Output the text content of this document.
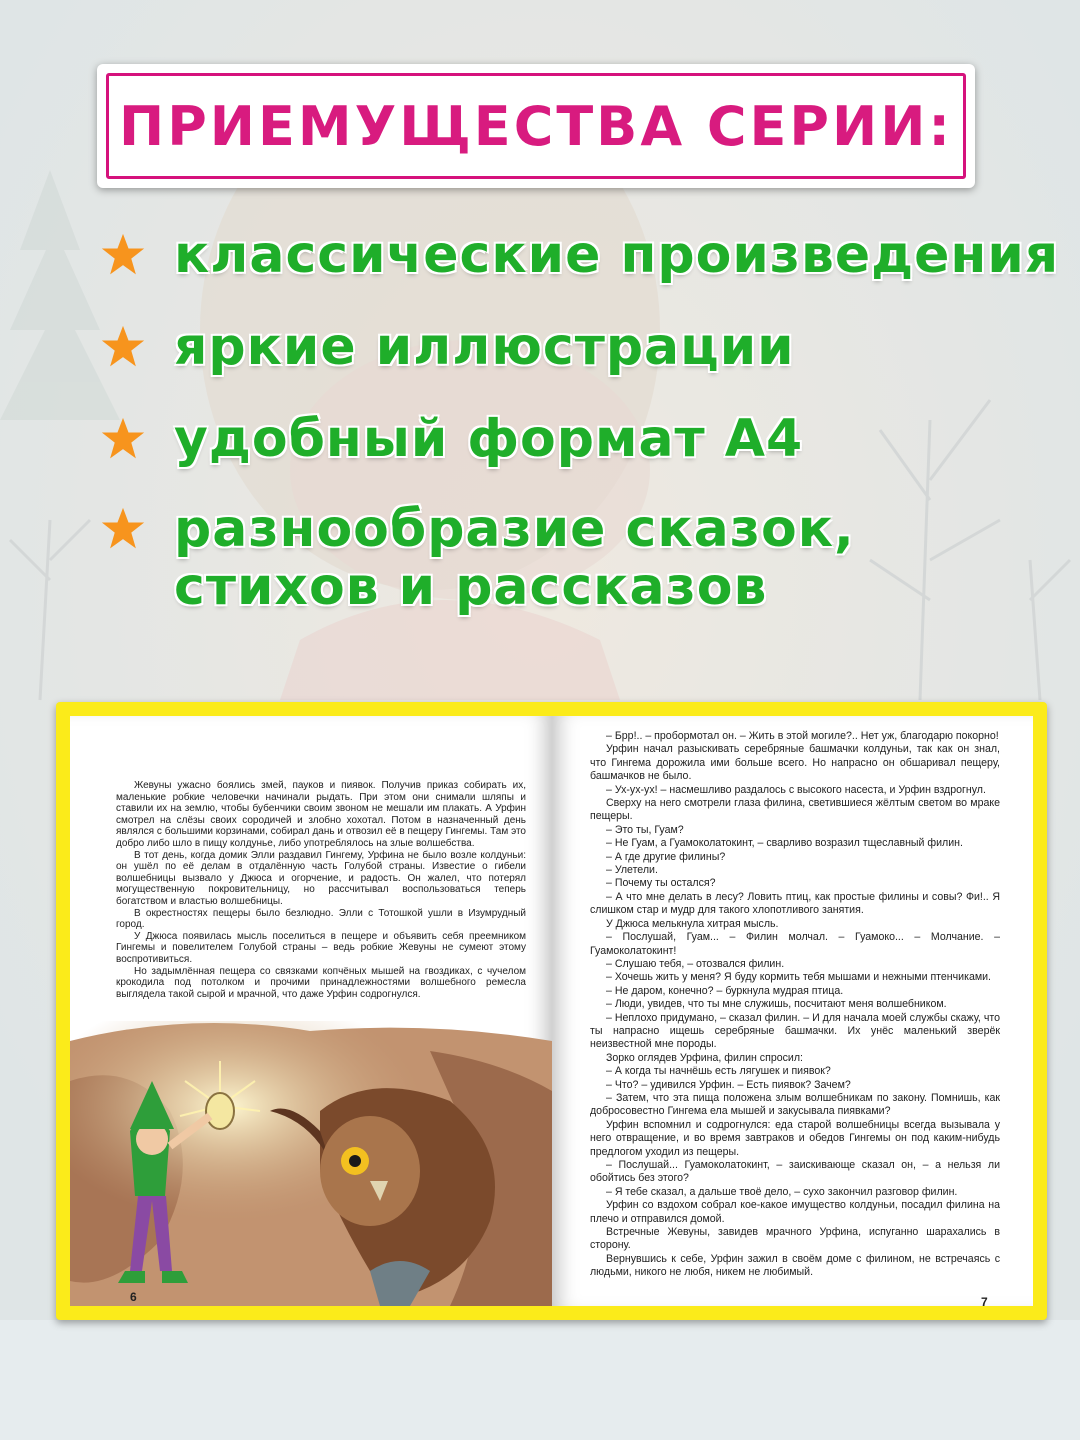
ПРИЕМУЩЕСТВА СЕРИИ:
классические произведения
яркие иллюстрации
удобный формат А4
разнообразие сказок,
стихов и рассказов

Жевуны ужасно боялись змей, пауков и пиявок. Получив приказ собирать их, маленькие робкие человечки начинали рыдать. При этом они снимали шляпы и ставили их на землю, чтобы бубенчики своим звоном не мешали им плакать. А Урфин смотрел на слёзы своих сородичей и злобно хохотал. Потом в назначенный день являлся с большими корзинами, собирал дань и отвозил её в пещеру Гингемы. Там это добро либо шло в пищу колдунье, либо употреблялось на злые волшебства.

В тот день, когда домик Элли раздавил Гингему, Урфина не было возле колдуньи: он ушёл по её делам в отдалённую часть Голубой страны. Известие о гибели волшебницы вызвало у Джюса и огорчение, и радость. Он жалел, что потерял могущественную покровительницу, но рассчитывал воспользоваться теперь богатством и властью волшебницы.

В окрестностях пещеры было безлюдно. Элли с Тотошкой ушли в Изумрудный город.

У Джюса появилась мысль поселиться в пещере и объявить себя преемником Гингемы и повелителем Голубой страны – ведь робкие Жевуны не сумеют этому воспротивиться.

Но задымлённая пещера со связками копчёных мышей на гвоздиках, с чучелом крокодила под потолком и прочими принадлежностями волшебного ремесла выглядела такой сырой и мрачной, что даже Урфин содрогнулся.

6

– Брр!.. – пробормотал он. – Жить в этой могиле?.. Нет уж, благодарю покорно!

Урфин начал разыскивать серебряные башмачки колдуньи, так как он знал, что Гингема дорожила ими больше всего. Но напрасно он обшаривал пещеру, башмачков не было.

– Ух-ух-ух! – насмешливо раздалось с высокого насеста, и Урфин вздрогнул.

Сверху на него смотрели глаза филина, светившиеся жёлтым светом во мраке пещеры.

– Это ты, Гуам?

– Не Гуам, а Гуамоколатокинт, – сварливо возразил тщеславный филин.

– А где другие филины?

– Улетели.

– Почему ты остался?

– А что мне делать в лесу? Ловить птиц, как простые филины и совы? Фи!.. Я слишком стар и мудр для такого хлопотливого занятия.

У Джюса мелькнула хитрая мысль.

– Послушай, Гуам... – Филин молчал. – Гуамоко... – Молчание. – Гуамоколатокинт!

– Слушаю тебя, – отозвался филин.

– Хочешь жить у меня? Я буду кормить тебя мышами и нежными птенчиками.

– Не даром, конечно? – буркнула мудрая птица.

– Люди, увидев, что ты мне служишь, посчитают меня волшебником.

– Неплохо придумано, – сказал филин. – И для начала моей службы скажу, что ты напрасно ищешь серебряные башмачки. Их унёс маленький зверёк неизвестной мне породы.

Зорко оглядев Урфина, филин спросил:

– А когда ты начнёшь есть лягушек и пиявок?

– Что? – удивился Урфин. – Есть пиявок? Зачем?

– Затем, что эта пища положена злым волшебникам по закону. Помнишь, как добросовестно Гингема ела мышей и закусывала пиявками?

Урфин вспомнил и содрогнулся: еда старой волшебницы всегда вызывала у него отвращение, и во время завтраков и обедов Гингемы он под каким-нибудь предлогом уходил из пещеры.

– Послушай... Гуамоколатокинт, – заискивающе сказал он, – а нельзя ли обойтись без этого?

– Я тебе сказал, а дальше твоё дело, – сухо закончил разговор филин.

Урфин со вздохом собрал кое-какое имущество колдуньи, посадил филина на плечо и отправился домой.

Встречные Жевуны, завидев мрачного Урфина, испуганно шарахались в сторону.

Вернувшись к себе, Урфин зажил в своём доме с филином, не встречаясь с людьми, никого не любя, никем не любимый.

7
